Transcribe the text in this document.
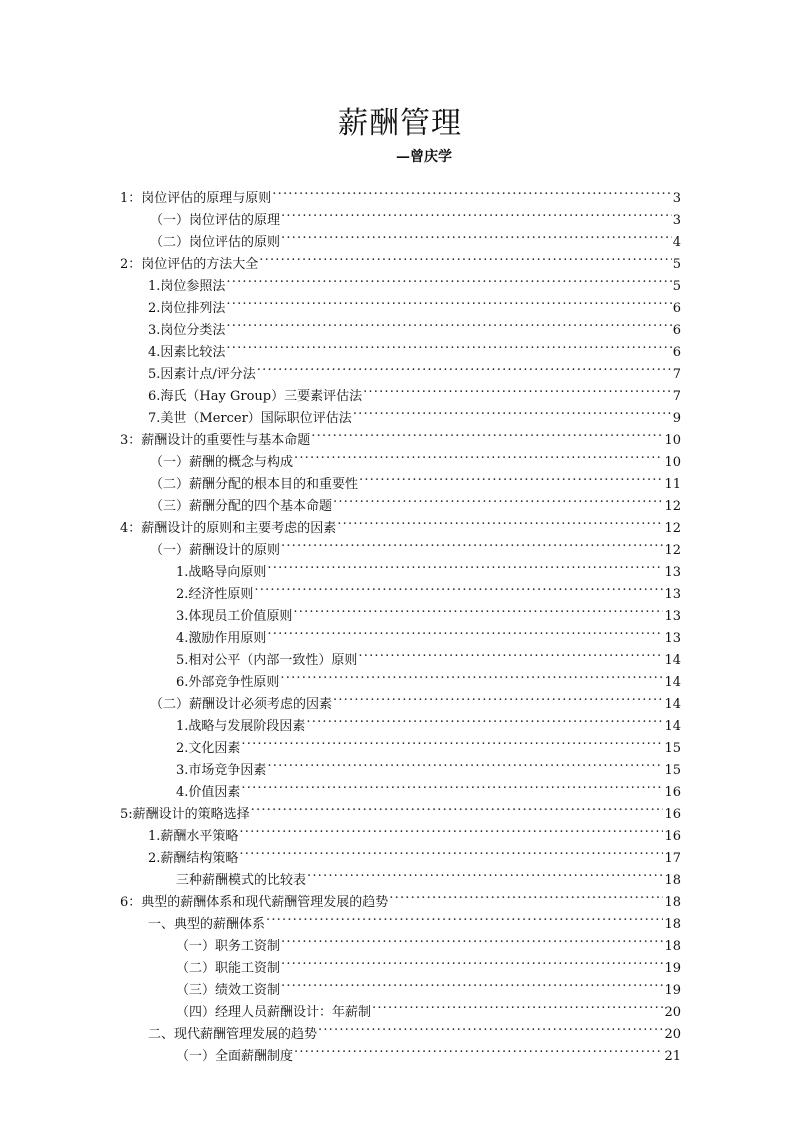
薪酬管理
—曾庆学
1：岗位评估的原理与原则 .....	3
（一）岗位评估的原理 .....	3
（二）岗位评估的原则 .....	4
2：岗位评估的方法大全 .....	5
1.岗位参照法 .....	5
2.岗位排列法 .....	6
3.岗位分类法 .....	6
4.因素比较法 .....	6
5.因素计点/评分法 .....	7
6.海氏（Hay Group）三要素评估法 .....	7
7.美世（Mercer）国际职位评估法 .....	9
3：薪酬设计的重要性与基本命题 .....	10
（一）薪酬的概念与构成 .....	10
（二）薪酬分配的根本目的和重要性 .....	11
（三）薪酬分配的四个基本命题 .....	12
4：薪酬设计的原则和主要考虑的因素 .....	12
（一）薪酬设计的原则 .....	12
1.战略导向原则 .....	13
2.经济性原则 .....	13
3.体现员工价值原则 .....	13
4.激励作用原则 .....	13
5.相对公平（内部一致性）原则 .....	14
6.外部竞争性原则 .....	14
（二）薪酬设计必须考虑的因素 .....	14
1.战略与发展阶段因素 .....	14
2.文化因素 .....	15
3.市场竞争因素 .....	15
4.价值因素 .....	16
5:薪酬设计的策略选择 .....	16
1.薪酬水平策略 .....	16
2.薪酬结构策略 .....	17
三种薪酬模式的比较表 .....	18
6：典型的薪酬体系和现代薪酬管理发展的趋势 .....	18
一、典型的薪酬体系 .....	18
（一）职务工资制 .....	18
（二）职能工资制 .....	19
（三）绩效工资制 .....	19
（四）经理人员薪酬设计：年薪制 .....	20
二、现代薪酬管理发展的趋势 .....	20
（一）全面薪酬制度 .....	21
